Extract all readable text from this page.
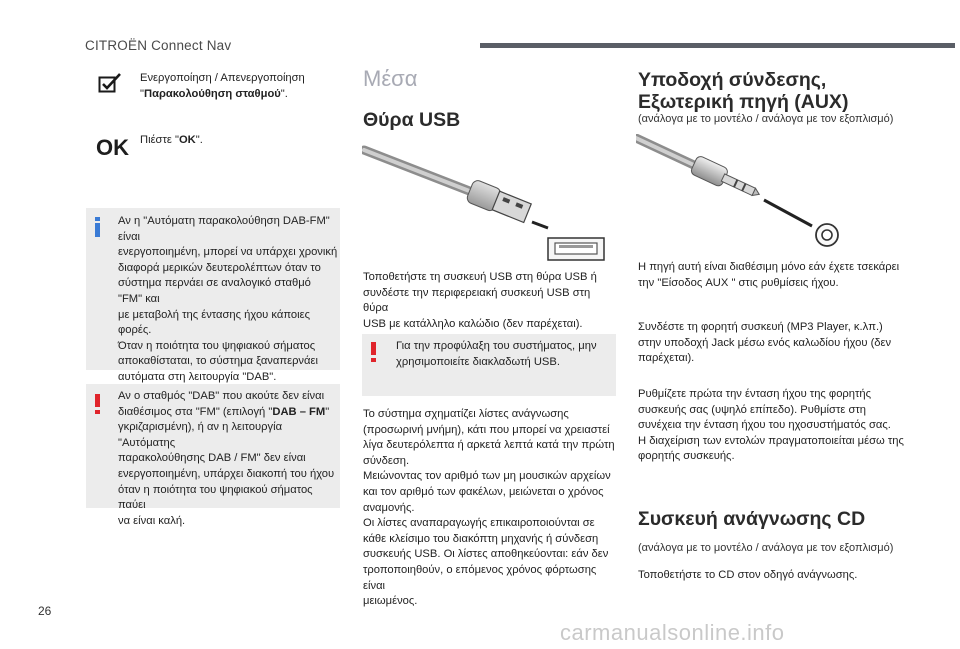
CITROËN Connect Nav
Ενεργοποίηση / Απενεργοποίηση
"Παρακολούθηση σταθμού".
OK Πιέστε "OK".
Αν η "Αυτόματη παρακολούθηση DAB-FM" είναι
ενεργοποιημένη, μπορεί να υπάρχει χρονική
διαφορά μερικών δευτερολέπτων όταν το
σύστημα περνάει σε αναλογικό σταθμό "FM" και
με μεταβολή της έντασης ήχου κάποιες φορές.
Όταν η ποιότητα του ψηφιακού σήματος
αποκαθίσταται, το σύστημα ξαναπερνάει
αυτόματα στη λειτουργία "DAB".
Αν ο σταθμός "DAB" που ακούτε δεν είναι
διαθέσιμος στα "FM" (επιλογή "DAB – FM"
γκριζαρισμένη), ή αν η λειτουργία "Αυτόματης
παρακολούθησης DAB / FM" δεν είναι
ενεργοποιημένη, υπάρχει διακοπή του ήχου
όταν η ποιότητα του ψηφιακού σήματος παύει
να είναι καλή.
Μέσα
Θύρα USB
Τοποθετήστε τη συσκευή USB στη θύρα USB ή
συνδέστε την περιφερειακή συσκευή USB στη θύρα
USB με κατάλληλο καλώδιο (δεν παρέχεται).
Για την προφύλαξη του συστήματος, μην
χρησιμοποιείτε διακλαδωτή USB.
Το σύστημα σχηματίζει λίστες ανάγνωσης
(προσωρινή μνήμη), κάτι που μπορεί να χρειαστεί
λίγα δευτερόλεπτα ή αρκετά λεπτά κατά την πρώτη
σύνδεση.
Μειώνοντας τον αριθμό των μη μουσικών αρχείων
και τον αριθμό των φακέλων, μειώνεται ο χρόνος
αναμονής.
Οι λίστες αναπαραγωγής επικαιροποιούνται σε
κάθε κλείσιμο του διακόπτη μηχανής ή σύνδεση
συσκευής USB. Οι λίστες αποθηκεύονται: εάν δεν
τροποποιηθούν, ο επόμενος χρόνος φόρτωσης είναι
μειωμένος.
Υποδοχή σύνδεσης,
Εξωτερική πηγή (AUX)
(ανάλογα με το μοντέλο / ανάλογα με τον εξοπλισμό)
Η πηγή αυτή είναι διαθέσιμη μόνο εάν έχετε τσεκάρει
την "Είσοδος AUX " στις ρυθμίσεις ήχου.
Συνδέστε τη φορητή συσκευή (MP3 Player, κ.λπ.)
στην υποδοχή Jack μέσω ενός καλωδίου ήχου (δεν
παρέχεται).
Ρυθμίζετε πρώτα την ένταση ήχου της φορητής
συσκευής σας (υψηλό επίπεδο). Ρυθμίστε στη
συνέχεια την ένταση ήχου του ηχοσυστήματός σας.
Η διαχείριση των εντολών πραγματοποιείται μέσω της
φορητής συσκευής.
Συσκευή ανάγνωσης CD
(ανάλογα με το μοντέλο / ανάλογα με τον εξοπλισμό)
Τοποθετήστε το CD στον οδηγό ανάγνωσης.
26
carmanualsonline.info
